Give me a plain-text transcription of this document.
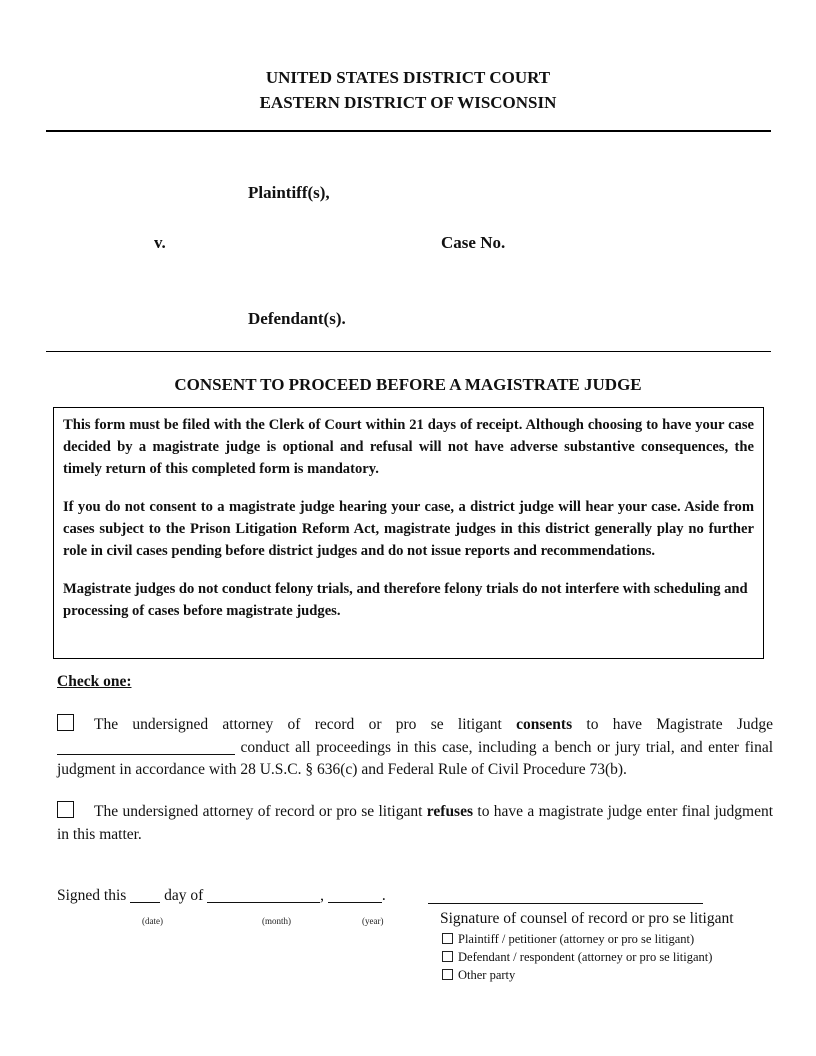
UNITED STATES DISTRICT COURT
EASTERN DISTRICT OF WISCONSIN
Plaintiff(s),
v.	Case No.
Defendant(s).
CONSENT TO PROCEED BEFORE A MAGISTRATE JUDGE

This form must be filed with the Clerk of Court within 21 days of receipt. Although choosing to have your case decided by a magistrate judge is optional and refusal will not have adverse substantive consequences, the timely return of this completed form is mandatory.

If you do not consent to a magistrate judge hearing your case, a district judge will hear your case. Aside from cases subject to the Prison Litigation Reform Act, magistrate judges in this district generally play no further role in civil cases pending before district judges and do not issue reports and recommendations.

Magistrate judges do not conduct felony trials, and therefore felony trials do not interfere with scheduling and processing of cases before magistrate judges.

Check one:
The undersigned attorney of record or pro se litigant consents to have Magistrate Judge  conduct all proceedings in this case, including a bench or jury trial, and enter final judgment in accordance with 28 U.S.C. § 636(c) and Federal Rule of Civil Procedure 73(b).
The undersigned attorney of record or pro se litigant refuses to have a magistrate judge enter final judgment in this matter.
Signed this day of	,	.
(date)	(month)	(year)	Signature of counsel of record or pro se litigant
Plaintiff / petitioner (attorney or pro se litigant)
Defendant / respondent (attorney or pro se litigant)
Other party
